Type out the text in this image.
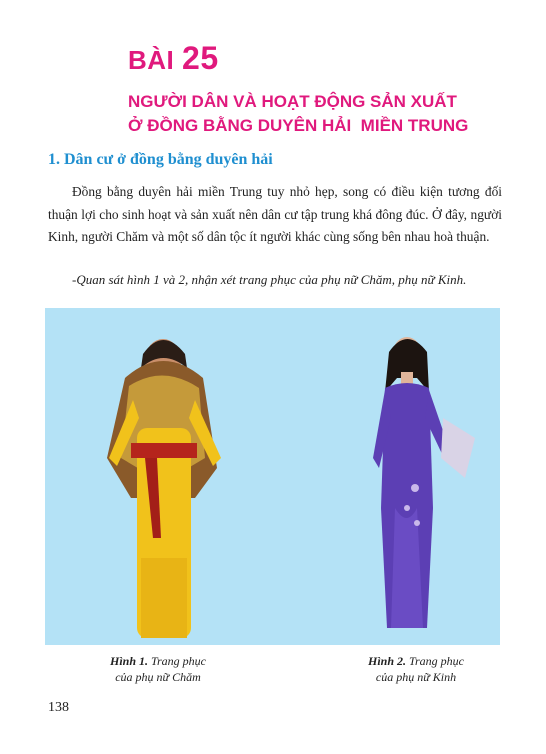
BÀI 25
NGƯỜI DÂN VÀ HOẠT ĐỘNG SẢN XUẤT
Ở ĐỒNG BẰNG DUYÊN HẢI  MIỀN TRUNG
1. Dân cư ở đồng bằng duyên hải

Đồng bằng duyên hải miền Trung tuy nhỏ hẹp, song có điều kiện tương đối thuận lợi cho sinh hoạt và sản xuất nên dân cư tập trung khá đông đúc. Ở đây, người Kinh, người Chăm và một số dân tộc ít người khác cùng sống bên nhau hoà thuận.

-Quan sát hình 1 và 2, nhận xét trang phục của phụ nữ Chăm, phụ nữ Kinh.
Hình 1. Trang phục
của phụ nữ Chăm
Hình 2. Trang phục
của phụ nữ Kinh
138
